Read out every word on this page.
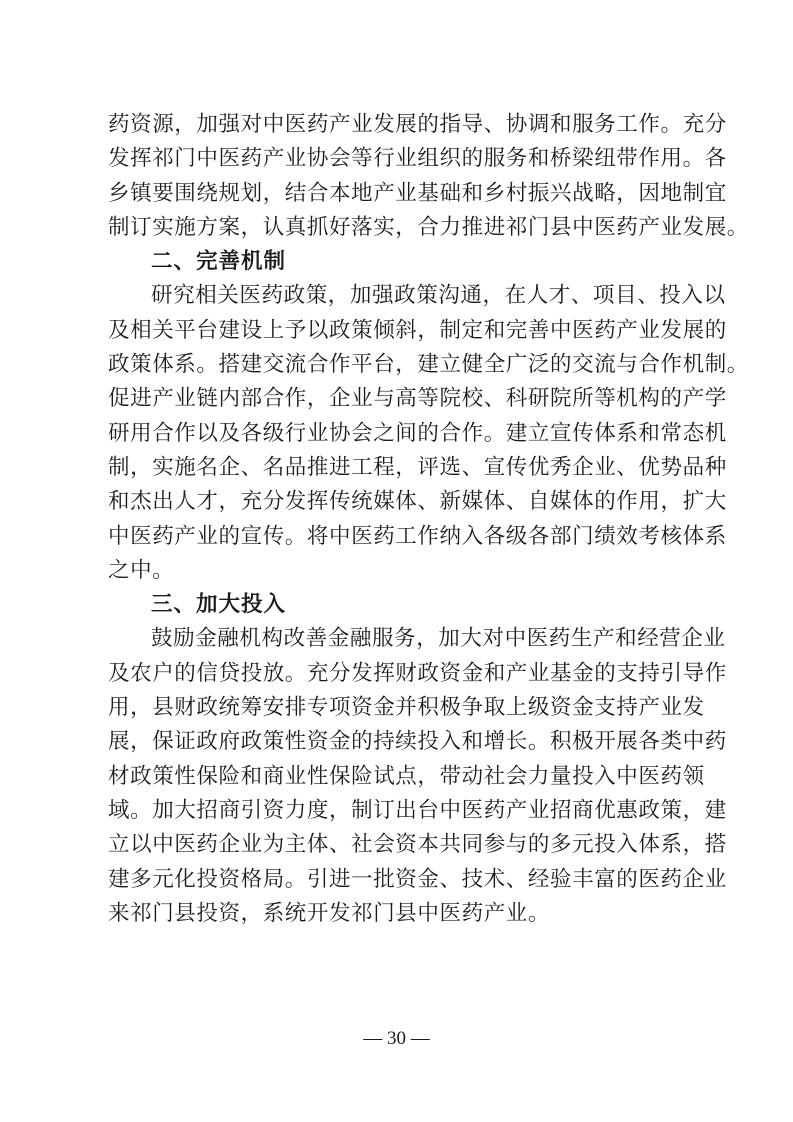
药资源，加强对中医药产业发展的指导、协调和服务工作。充分
发挥祁门中医药产业协会等行业组织的服务和桥梁纽带作用。各
乡镇要围绕规划，结合本地产业基础和乡村振兴战略，因地制宜
制订实施方案，认真抓好落实，合力推进祁门县中医药产业发展。
二、完善机制
研究相关医药政策，加强政策沟通，在人才、项目、投入以
及相关平台建设上予以政策倾斜，制定和完善中医药产业发展的
政策体系。搭建交流合作平台，建立健全广泛的交流与合作机制。
促进产业链内部合作，企业与高等院校、科研院所等机构的产学
研用合作以及各级行业协会之间的合作。建立宣传体系和常态机
制，实施名企、名品推进工程，评选、宣传优秀企业、优势品种
和杰出人才，充分发挥传统媒体、新媒体、自媒体的作用，扩大
中医药产业的宣传。将中医药工作纳入各级各部门绩效考核体系
之中。
三、加大投入
鼓励金融机构改善金融服务，加大对中医药生产和经营企业
及农户的信贷投放。充分发挥财政资金和产业基金的支持引导作
用，县财政统筹安排专项资金并积极争取上级资金支持产业发
展，保证政府政策性资金的持续投入和增长。积极开展各类中药
材政策性保险和商业性保险试点，带动社会力量投入中医药领
域。加大招商引资力度，制订出台中医药产业招商优惠政策，建
立以中医药企业为主体、社会资本共同参与的多元投入体系，搭
建多元化投资格局。引进一批资金、技术、经验丰富的医药企业
来祁门县投资，系统开发祁门县中医药产业。
— 30 —
